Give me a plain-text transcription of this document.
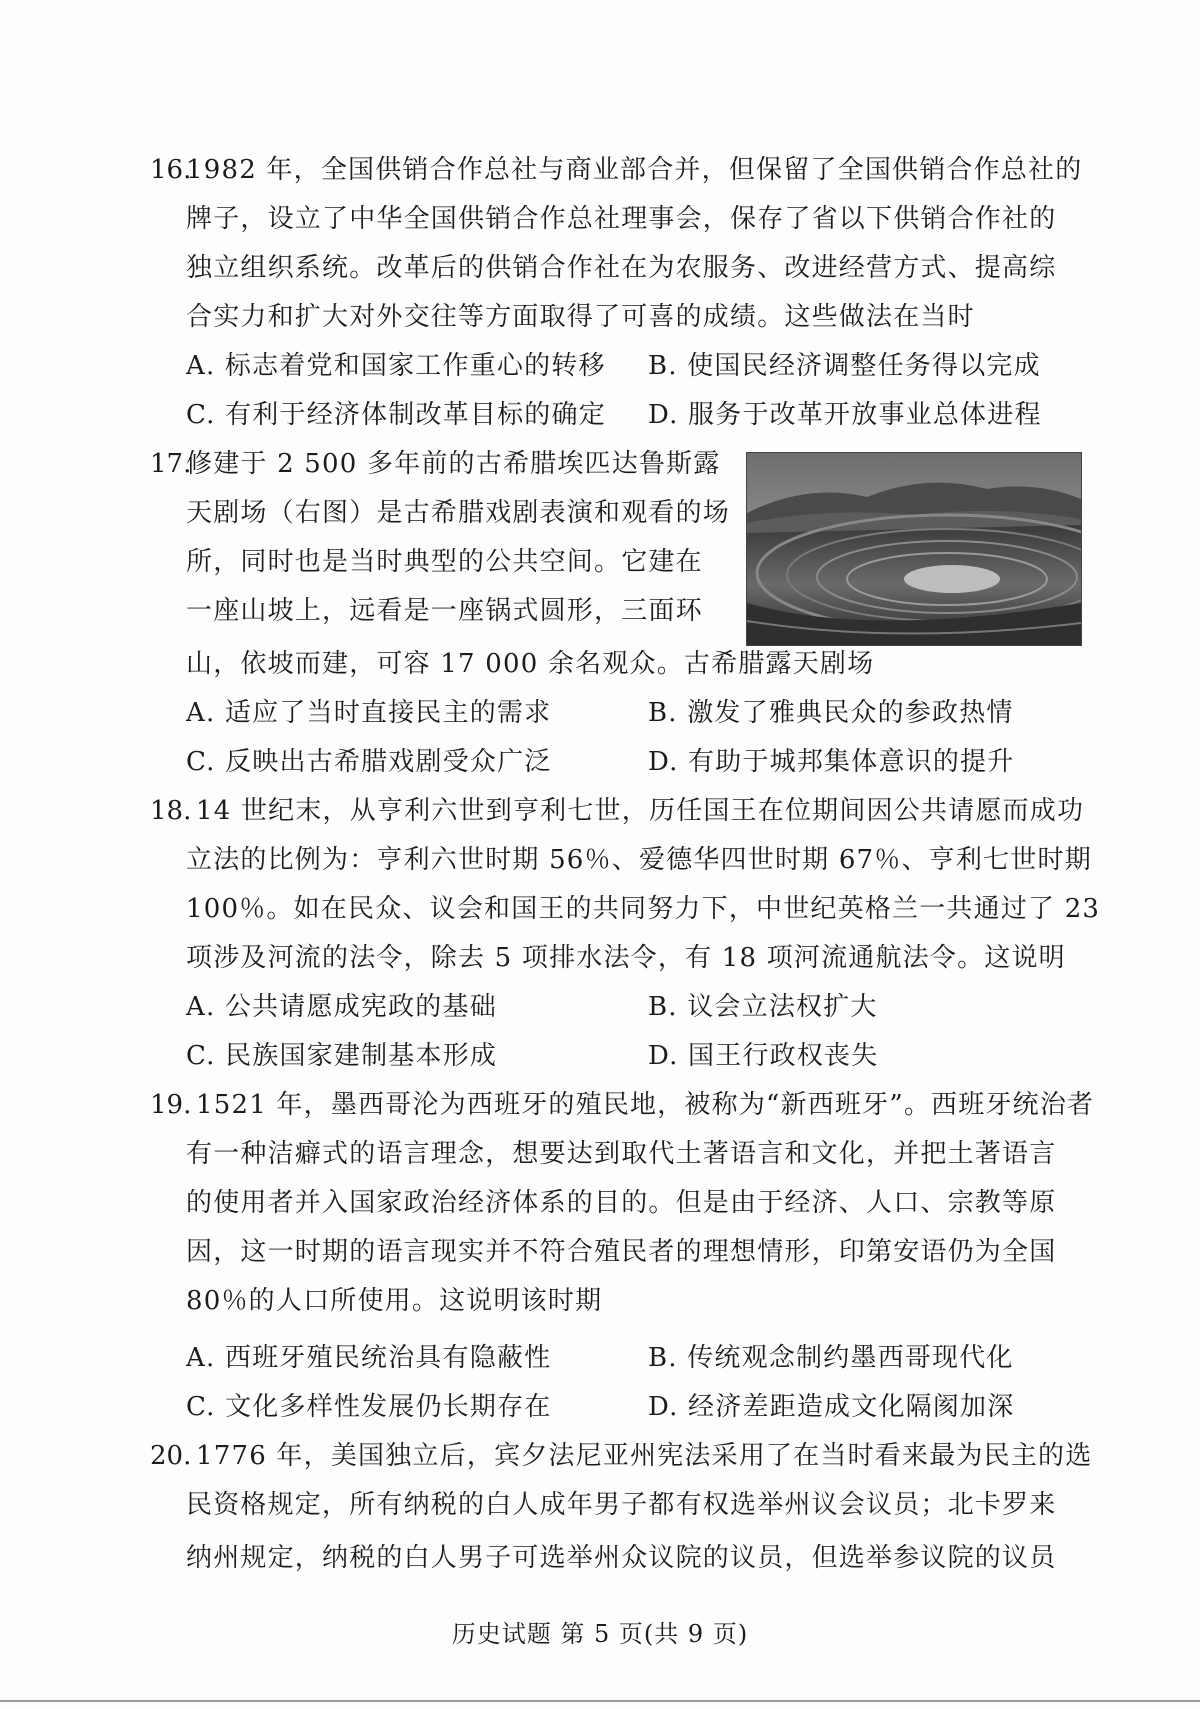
16.
1982 年，全国供销合作总社与商业部合并，但保留了全国供销合作总社的
牌子，设立了中华全国供销合作总社理事会，保存了省以下供销合作社的
独立组织系统。改革后的供销合作社在为农服务、改进经营方式、提高综
合实力和扩大对外交往等方面取得了可喜的成绩。这些做法在当时
A. 标志着党和国家工作重心的转移 B. 使国民经济调整任务得以完成
C. 有利于经济体制改革目标的确定 D. 服务于改革开放事业总体进程
17.
修建于 2 500 多年前的古希腊埃匹达鲁斯露
天剧场（右图）是古希腊戏剧表演和观看的场
所，同时也是当时典型的公共空间。它建在
一座山坡上，远看是一座锅式圆形，三面环
山，依坡而建，可容 17 000 余名观众。古希腊露天剧场
A. 适应了当时直接民主的需求	B. 激发了雅典民众的参政热情
C. 反映出古希腊戏剧受众广泛	D. 有助于城邦集体意识的提升
18. 14 世纪末，从亨利六世到亨利七世，历任国王在位期间因公共请愿而成功
立法的比例为：亨利六世时期 56％、爱德华四世时期 67％、亨利七世时期
100％。如在民众、议会和国王的共同努力下，中世纪英格兰一共通过了 23
项涉及河流的法令，除去 5 项排水法令，有 18 项河流通航法令。这说明
A. 公共请愿成宪政的基础	B. 议会立法权扩大
C. 民族国家建制基本形成	D. 国王行政权丧失
19. 1521 年，墨西哥沦为西班牙的殖民地，被称为“新西班牙”。西班牙统治者
有一种洁癖式的语言理念，想要达到取代土著语言和文化，并把土著语言
的使用者并入国家政治经济体系的目的。但是由于经济、人口、宗教等原
因，这一时期的语言现实并不符合殖民者的理想情形，印第安语仍为全国
80％的人口所使用。这说明该时期
A. 西班牙殖民统治具有隐蔽性	B. 传统观念制约墨西哥现代化
C. 文化多样性发展仍长期存在	D. 经济差距造成文化隔阂加深
20. 1776 年，美国独立后，宾夕法尼亚州宪法采用了在当时看来最为民主的选
民资格规定，所有纳税的白人成年男子都有权选举州议会议员；北卡罗来
纳州规定，纳税的白人男子可选举州众议院的议员，但选举参议院的议员
历史试题 第 5 页(共 9 页)
